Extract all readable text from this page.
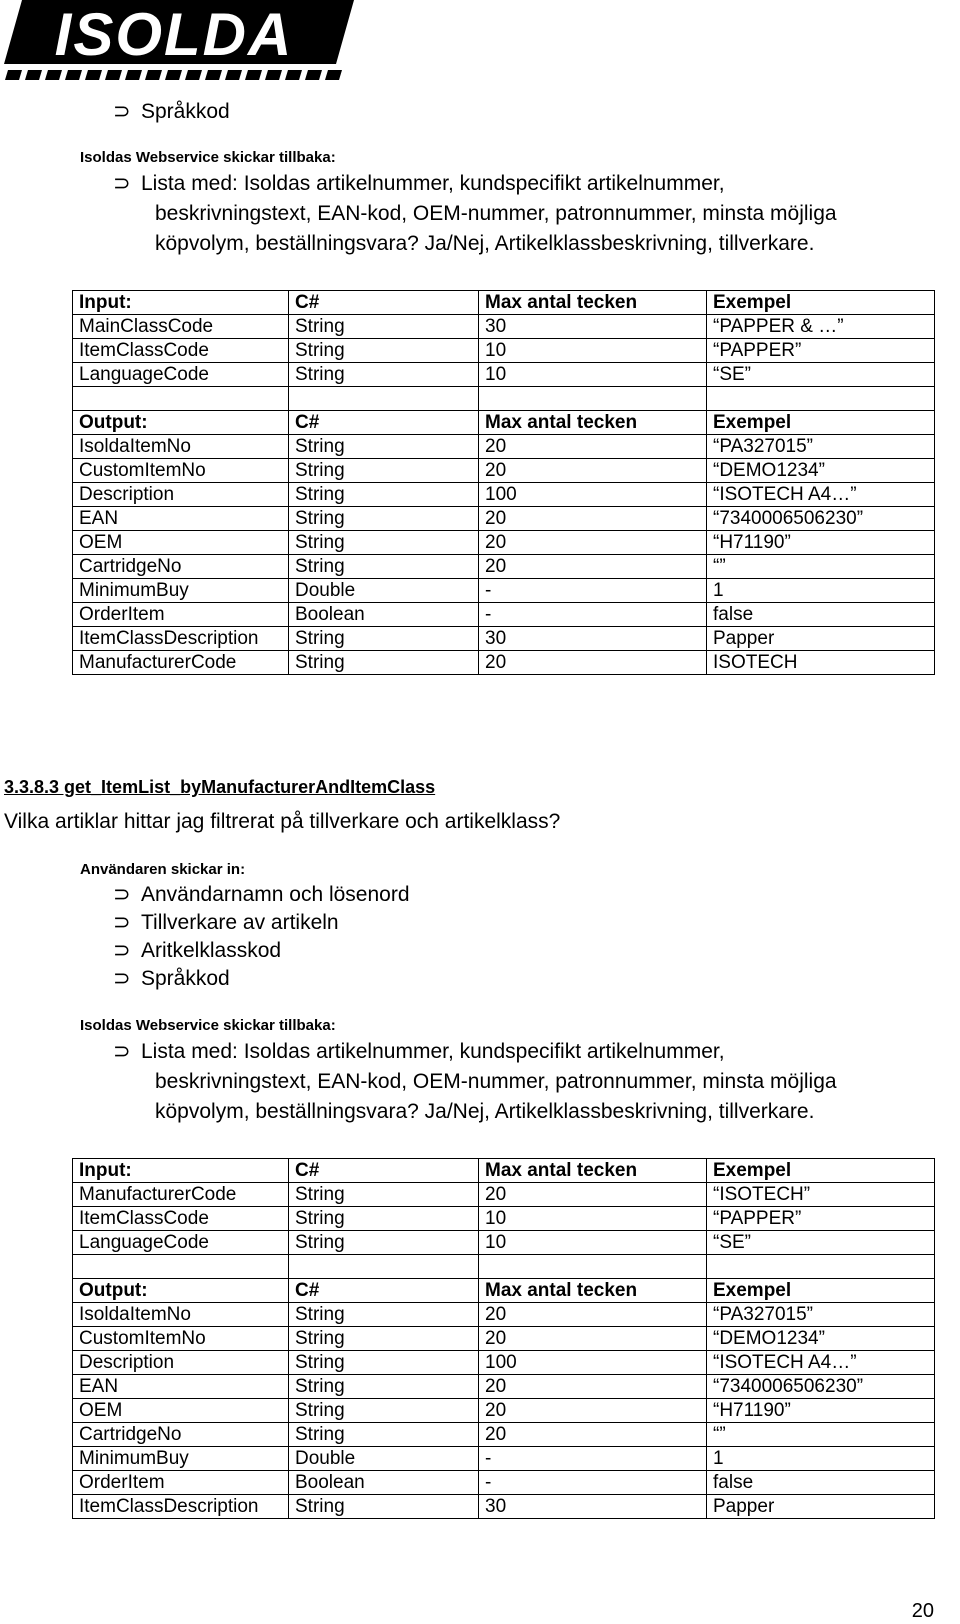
ISOLDA
⊃ Språkkod
Isoldas Webservice skickar tillbaka:
⊃ Lista med: Isoldas artikelnummer, kundspecifikt artikelnummer,
beskrivningstext, EAN-kod, OEM-nummer, patronnummer, minsta möjliga
köpvolym, beställningsvara? Ja/Nej, Artikelklassbeskrivning, tillverkare.
Input:	C#	Max antal tecken	Exempel
MainClassCode	String	30	“PAPPER & …”
ItemClassCode	String	10	“PAPPER”
LanguageCode	String	10	“SE”

Output:	C#	Max antal tecken	Exempel
IsoldaItemNo	String	20	“PA327015”
CustomItemNo	String	20	“DEMO1234”
Description	String	100	“ISOTECH A4…”
EAN	String	20	“7340006506230”
OEM	String	20	“H71190”
CartridgeNo	String	20	“”
MinimumBuy	Double	-	1
OrderItem	Boolean	-	false
ItemClassDescription	String	30	Papper
ManufacturerCode	String	20	ISOTECH
3.3.8.3 get_ItemList_byManufacturerAndItemClass
Vilka artiklar hittar jag filtrerat på tillverkare och artikelklass?
Användaren skickar in:
⊃ Användarnamn och lösenord
⊃ Tillverkare av artikeln
⊃ Aritkelklasskod
⊃ Språkkod
Isoldas Webservice skickar tillbaka:
⊃ Lista med: Isoldas artikelnummer, kundspecifikt artikelnummer,
beskrivningstext, EAN-kod, OEM-nummer, patronnummer, minsta möjliga
köpvolym, beställningsvara? Ja/Nej, Artikelklassbeskrivning, tillverkare.
Input:	C#	Max antal tecken	Exempel
ManufacturerCode	String	20	“ISOTECH”
ItemClassCode	String	10	“PAPPER”
LanguageCode	String	10	“SE”

Output:	C#	Max antal tecken	Exempel
IsoldaItemNo	String	20	“PA327015”
CustomItemNo	String	20	“DEMO1234”
Description	String	100	“ISOTECH A4…”
EAN	String	20	“7340006506230”
OEM	String	20	“H71190”
CartridgeNo	String	20	“”
MinimumBuy	Double	-	1
OrderItem	Boolean	-	false
ItemClassDescription	String	30	Papper
20
